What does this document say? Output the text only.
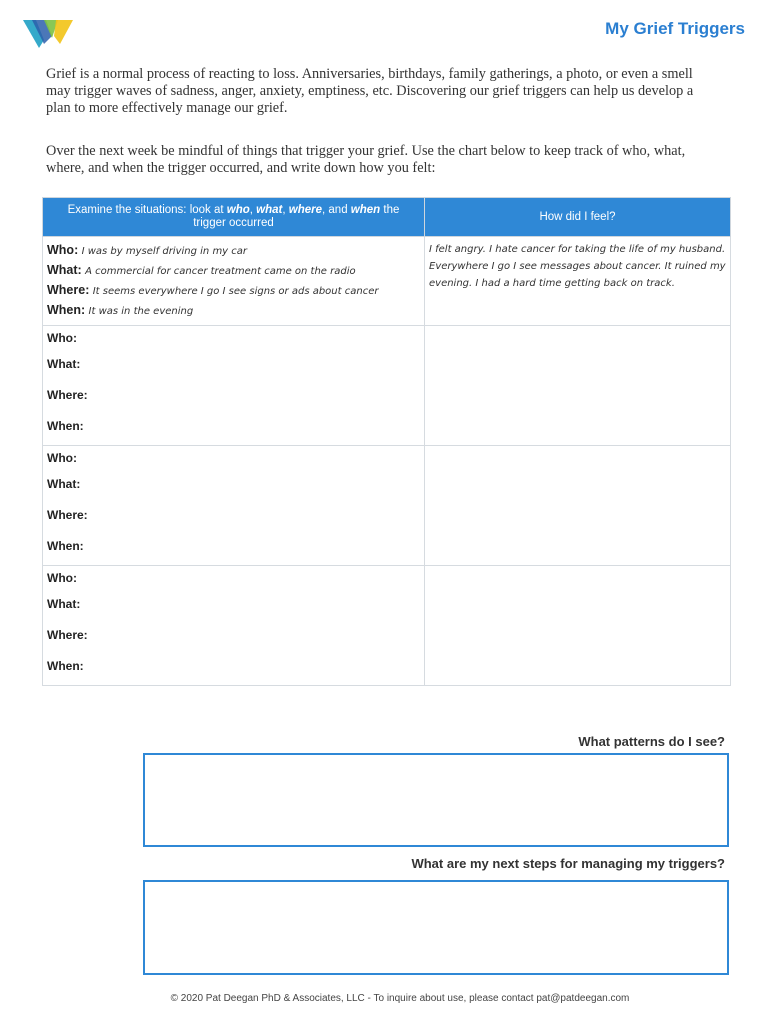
My Grief Triggers

Grief is a normal process of reacting to loss. Anniversaries, birthdays, family gatherings, a photo, or even a smell may trigger waves of sadness, anger, anxiety, emptiness, etc. Discovering our grief triggers can help us develop a plan to more effectively manage our grief.

Over the next week be mindful of things that trigger your grief. Use the chart below to keep track of who, what, where, and when the trigger occurred, and write down how you felt:

Examine the situations: look at who, what, where, and when the trigger occurred	How did I feel?

Who: I was by myself driving in my car
What: A commercial for cancer treatment came on the radio
Where: It seems everywhere I go I see signs or ads about cancer
When: It was in the evening	I felt angry. I hate cancer for taking the life of my husband. Everywhere I go I see messages about cancer. It ruined my evening. I had a hard time getting back on track.

Who:
What:
Where:
When:	

Who:
What:
Where:
When:	

Who:
What:
Where:
When:	

What patterns do I see?
What are my next steps for managing my triggers?
© 2020 Pat Deegan PhD & Associates, LLC - To inquire about use, please contact pat@patdeegan.com
